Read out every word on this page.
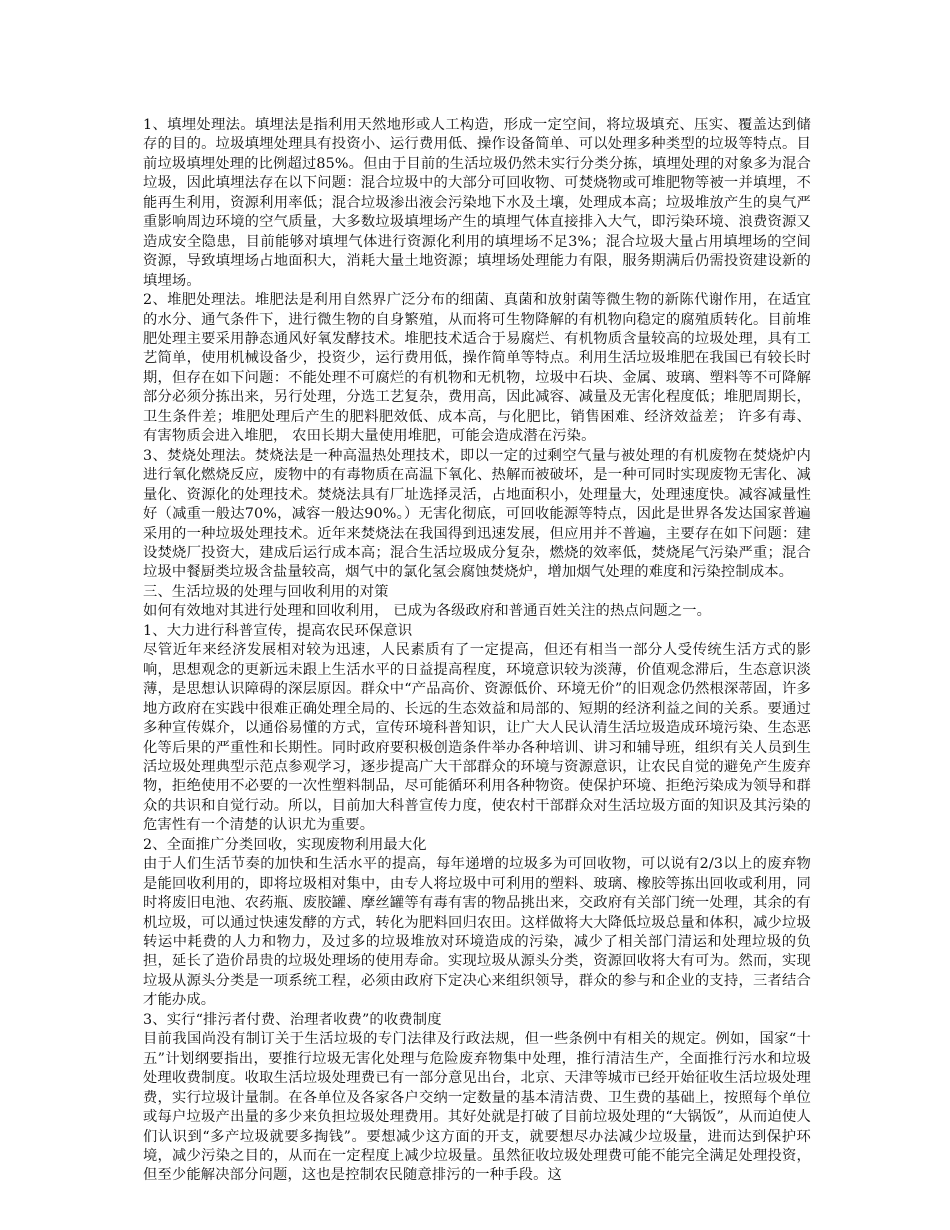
1、填埋处理法。填埋法是指利用天然地形或人工构造，形成一定空间，将垃圾填充、压实、覆盖达到储存的目的。垃圾填埋处理具有投资小、运行费用低、操作设备简单、可以处理多种类型的垃圾等特点。目前垃圾填埋处理的比例超过85%。但由于目前的生活垃圾仍然未实行分类分拣，填埋处理的对象多为混合垃圾，因此填埋法存在以下问题：混合垃圾中的大部分可回收物、可焚烧物或可堆肥物等被一并填埋，不能再生利用，资源利用率低；混合垃圾渗出液会污染地下水及土壤，处理成本高；垃圾堆放产生的臭气严重影响周边环境的空气质量，大多数垃圾填埋场产生的填埋气体直接排入大气，即污染环境、浪费资源又造成安全隐患，目前能够对填埋气体进行资源化利用的填埋场不足3%；混合垃圾大量占用填埋场的空间资源，导致填埋场占地面积大，消耗大量土地资源；填埋场处理能力有限，服务期满后仍需投资建设新的填埋场。

2、堆肥处理法。堆肥法是利用自然界广泛分布的细菌、真菌和放射菌等微生物的新陈代谢作用，在适宜的水分、通气条件下，进行微生物的自身繁殖，从而将可生物降解的有机物向稳定的腐殖质转化。目前堆肥处理主要采用静态通风好氧发酵技术。堆肥技术适合于易腐烂、有机物质含量较高的垃圾处理，具有工艺简单，使用机械设备少，投资少，运行费用低，操作简单等特点。利用生活垃圾堆肥在我国已有较长时期，但存在如下问题：不能处理不可腐烂的有机物和无机物，垃圾中石块、金属、玻璃、塑料等不可降解部分必须分拣出来，另行处理，分选工艺复杂，费用高，因此减容、减量及无害化程度低；堆肥周期长，卫生条件差；堆肥处理后产生的肥料肥效低、成本高，与化肥比，销售困难、经济效益差； 许多有毒、有害物质会进入堆肥， 农田长期大量使用堆肥，可能会造成潜在污染。

3、焚烧处理法。焚烧法是一种高温热处理技术，即以一定的过剩空气量与被处理的有机废物在焚烧炉内进行氧化燃烧反应，废物中的有毒物质在高温下氧化、热解而被破坏，是一种可同时实现废物无害化、减量化、资源化的处理技术。焚烧法具有厂址选择灵活，占地面积小，处理量大，处理速度快。减容减量性好（减重一般达70%，减容一般达90%。）无害化彻底，可回收能源等特点，因此是世界各发达国家普遍采用的一种垃圾处理技术。近年来焚烧法在我国得到迅速发展，但应用并不普遍，主要存在如下问题：建设焚烧厂投资大，建成后运行成本高；混合生活垃圾成分复杂，燃烧的效率低，焚烧尾气污染严重；混合垃圾中餐厨类垃圾含盐量较高，烟气中的氯化氢会腐蚀焚烧炉，增加烟气处理的难度和污染控制成本。

三、生活垃圾的处理与回收利用的对策

如何有效地对其进行处理和回收利用， 已成为各级政府和普通百姓关注的热点问题之一。

1、大力进行科普宣传，提高农民环保意识

尽管近年来经济发展相对较为迅速，人民素质有了一定提高，但还有相当一部分人受传统生活方式的影响，思想观念的更新远未跟上生活水平的日益提高程度，环境意识较为淡薄，价值观念滞后，生态意识淡薄，是思想认识障碍的深层原因。群众中“产品高价、资源低价、环境无价”的旧观念仍然根深蒂固，许多地方政府在实践中很难正确处理全局的、长远的生态效益和局部的、短期的经济利益之间的关系。要通过多种宣传媒介，以通俗易懂的方式，宣传环境科普知识，让广大人民认清生活垃圾造成环境污染、生态恶化等后果的严重性和长期性。同时政府要积极创造条件举办各种培训、讲习和辅导班，组织有关人员到生活垃圾处理典型示范点参观学习，逐步提高广大干部群众的环境与资源意识，让农民自觉的避免产生废弃物，拒绝使用不必要的一次性塑料制品，尽可能循环利用各种物资。使保护环境、拒绝污染成为领导和群众的共识和自觉行动。所以，目前加大科普宣传力度，使农村干部群众对生活垃圾方面的知识及其污染的危害性有一个清楚的认识尤为重要。

2、全面推广分类回收，实现废物利用最大化

由于人们生活节奏的加快和生活水平的提高，每年递增的垃圾多为可回收物，可以说有2/3以上的废弃物是能回收利用的，即将垃圾相对集中，由专人将垃圾中可利用的塑料、玻璃、橡胶等拣出回收或利用，同时将废旧电池、农药瓶、废胶罐、摩丝罐等有毒有害的物品挑出来，交政府有关部门统一处理，其余的有机垃圾，可以通过快速发酵的方式，转化为肥料回归农田。这样做将大大降低垃圾总量和体积，减少垃圾转运中耗费的人力和物力，及过多的垃圾堆放对环境造成的污染，减少了相关部门清运和处理垃圾的负担，延长了造价昂贵的垃圾处理场的使用寿命。实现垃圾从源头分类，资源回收将大有可为。然而，实现垃圾从源头分类是一项系统工程，必须由政府下定决心来组织领导，群众的参与和企业的支持，三者结合才能办成。

3、实行“排污者付费、治理者收费”的收费制度

目前我国尚没有制订关于生活垃圾的专门法律及行政法规，但一些条例中有相关的规定。例如，国家“十五”计划纲要指出，要推行垃圾无害化处理与危险废弃物集中处理，推行清洁生产，全面推行污水和垃圾处理收费制度。收取生活垃圾处理费已有一部分意见出台，北京、天津等城市已经开始征收生活垃圾处理费，实行垃圾计量制。在各单位及各家各户交纳一定数量的基本清洁费、卫生费的基础上，按照每个单位或每户垃圾产出量的多少来负担垃圾处理费用。其好处就是打破了目前垃圾处理的“大锅饭”，从而迫使人们认识到“多产垃圾就要多掏钱”。要想减少这方面的开支，就要想尽办法减少垃圾量，进而达到保护环境，减少污染之目的，从而在一定程度上减少垃圾量。虽然征收垃圾处理费可能不能完全满足处理投资，但至少能解决部分问题，这也是控制农民随意排污的一种手段。这
